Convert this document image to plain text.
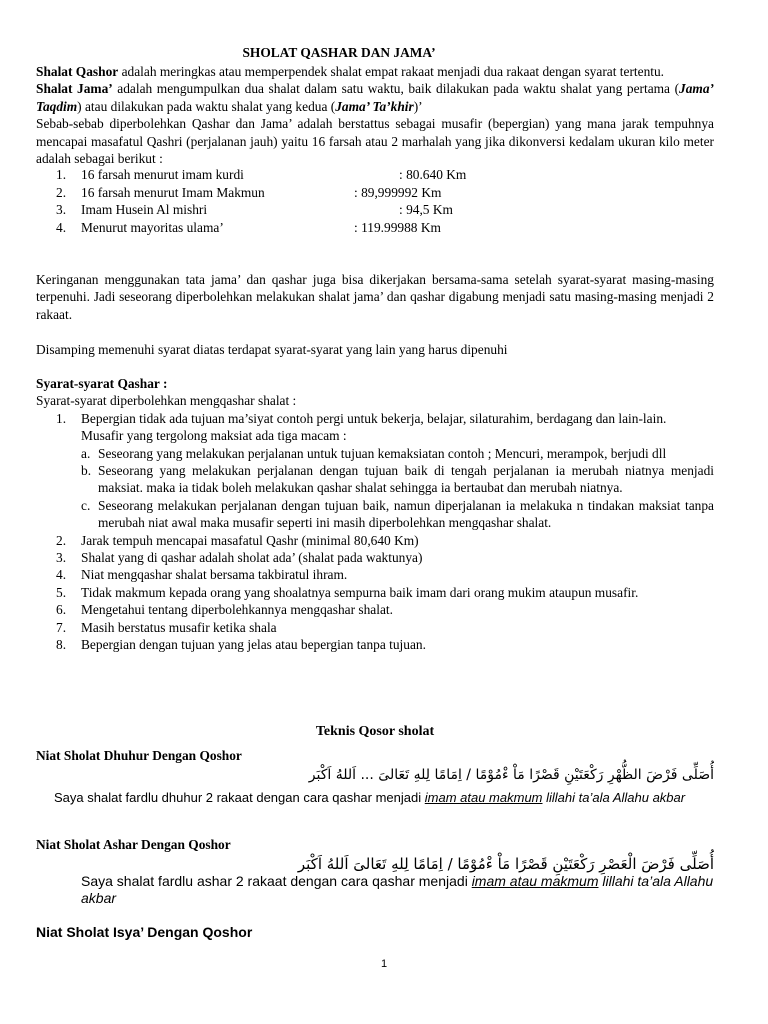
SHOLAT QASHAR DAN JAMA’
Shalat Qashor adalah meringkas atau memperpendek shalat empat rakaat menjadi dua rakaat dengan syarat tertentu.
Shalat Jama’ adalah mengumpulkan dua shalat dalam satu waktu, baik dilakukan pada waktu shalat yang pertama (Jama’ Taqdim) atau dilakukan pada waktu shalat yang kedua (Jama’ Ta’khir)’
Sebab-sebab diperbolehkan Qashar dan Jama’ adalah berstattus sebagai musafir (bepergian) yang mana jarak tempuhnya mencapai masafatul Qashri (perjalanan jauh) yaitu 16 farsah atau 2 marhalah yang jika dikonversi kedalam ukuran kilo meter adalah sebagai berikut :
1. 16 farsah menurut imam kurdi	: 80.640 Km
2. 16 farsah menurut Imam Makmun	: 89,999992 Km
3. Imam Husein Al mishri	: 94,5 Km
4. Menurut mayoritas ulama’	: 119.99988 Km
Keringanan menggunakan tata jama’ dan qashar juga bisa dikerjakan bersama-sama setelah syarat-syarat masing-masing terpenuhi. Jadi seseorang diperbolehkan melakukan shalat jama’ dan qashar digabung menjadi satu masing-masing menjadi 2 rakaat.
Disamping memenuhi syarat diatas terdapat syarat-syarat yang lain yang harus dipenuhi
Syarat-syarat Qashar :
Syarat-syarat diperbolehkan mengqashar shalat :
1. Bepergian tidak ada tujuan ma’siyat contoh pergi untuk bekerja, belajar, silaturahim, berdagang dan lain-lain.
Musafir yang tergolong maksiat ada tiga macam :
a. Seseorang yang melakukan perjalanan untuk tujuan kemaksiatan contoh ; Mencuri, merampok, berjudi dll
b. Seseorang yang melakukan perjalanan dengan tujuan baik di tengah perjalanan ia merubah niatnya menjadi maksiat. maka ia tidak boleh melakukan qashar shalat sehingga ia bertaubat dan merubah niatnya.
c. Seseorang melakukan perjalanan dengan tujuan baik, namun diperjalanan ia melakuka n tindakan maksiat tanpa merubah niat awal maka musafir seperti ini masih diperbolehkan mengqashar shalat.
2. Jarak tempuh mencapai masafatul Qashr (minimal 80,640 Km)
3. Shalat yang di qashar adalah sholat ada’ (shalat pada waktunya)
4. Niat mengqashar shalat bersama takbiratul ihram.
5. Tidak makmum kepada orang yang shoalatnya sempurna baik imam dari orang mukim ataupun musafir.
6. Mengetahui tentang diperbolehkannya mengqashar shalat.
7. Masih berstatus musafir ketika shala
8. Bepergian dengan tujuan yang jelas atau bepergian tanpa tujuan.
Teknis Qosor sholat
Niat Sholat Dhuhur Dengan Qoshor
أُصَلِّى فَرْضَ الظُّهْرِ رَكْعَتَيْنِ قَصْرًا مَاْ ءْمُوْمًا / اِمَامًا لِلهِ تَعَالىَ ... اَللهُ اَكْبَر
Saya shalat fardlu dhuhur 2 rakaat dengan cara qashar menjadi imam atau makmum lillahi ta’ala Allahu akbar
Niat Sholat Ashar Dengan Qoshor
أُصَلِّى فَرْضَ الْعَصْرِ رَكْعَتَيْنِ قَصْرًا مَاْ ءْمُوْمًا / اِمَامًا لِلهِ تَعَالىَ اَللهُ اَكْبَر
Saya shalat fardlu ashar 2 rakaat dengan cara qashar menjadi imam atau makmum lillahi ta’ala Allahu akbar
Niat Sholat Isya’ Dengan Qoshor
1
